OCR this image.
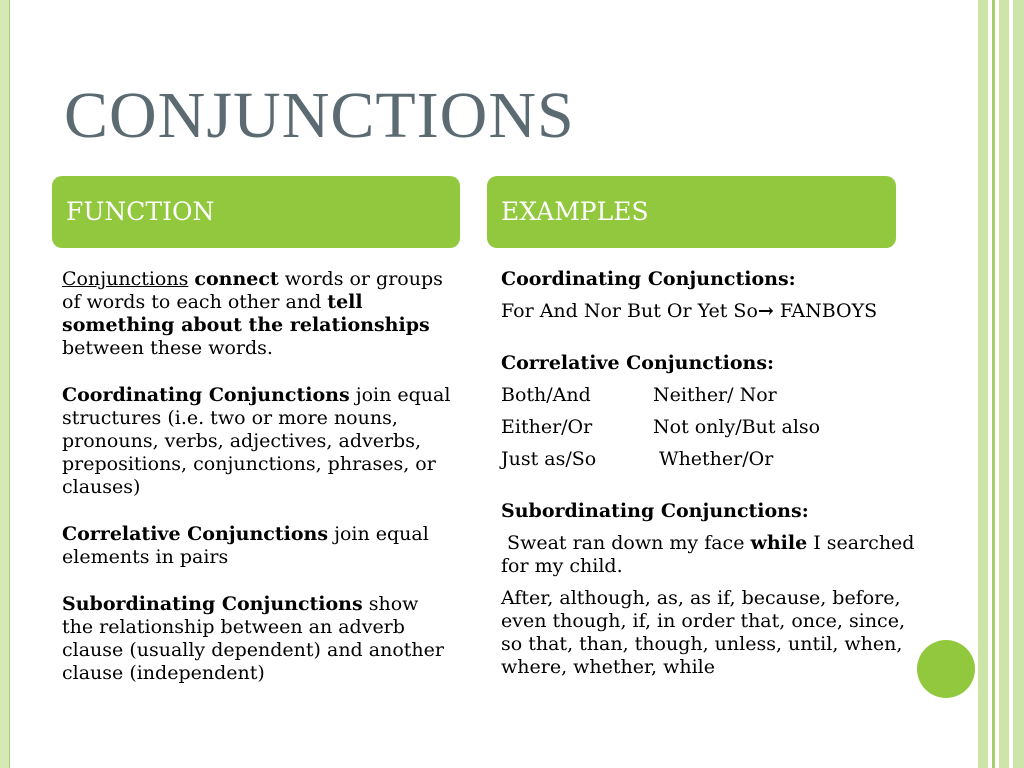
CONJUNCTIONS
FUNCTION	EXAMPLES

Conjunctions connect words or groups of words to each other and tell something about the relationships between these words.

Coordinating Conjunctions join equal structures (i.e. two or more nouns, pronouns, verbs, adjectives, adverbs, prepositions, conjunctions, phrases, or clauses)

Correlative Conjunctions join equal elements in pairs

Subordinating Conjunctions show the relationship between an adverb clause (usually dependent) and another clause (independent)

Coordinating Conjunctions:

For And Nor But Or Yet So→ FANBOYS

Correlative Conjunctions:

Both/And	Neither/ Nor

Either/Or	Not only/But also

Just as/So	Whether/Or

Subordinating Conjunctions:

Sweat ran down my face while I searched for my child.

After, although, as, as if, because, before, even though, if, in order that, once, since, so that, than, though, unless, until, when, where, whether, while
